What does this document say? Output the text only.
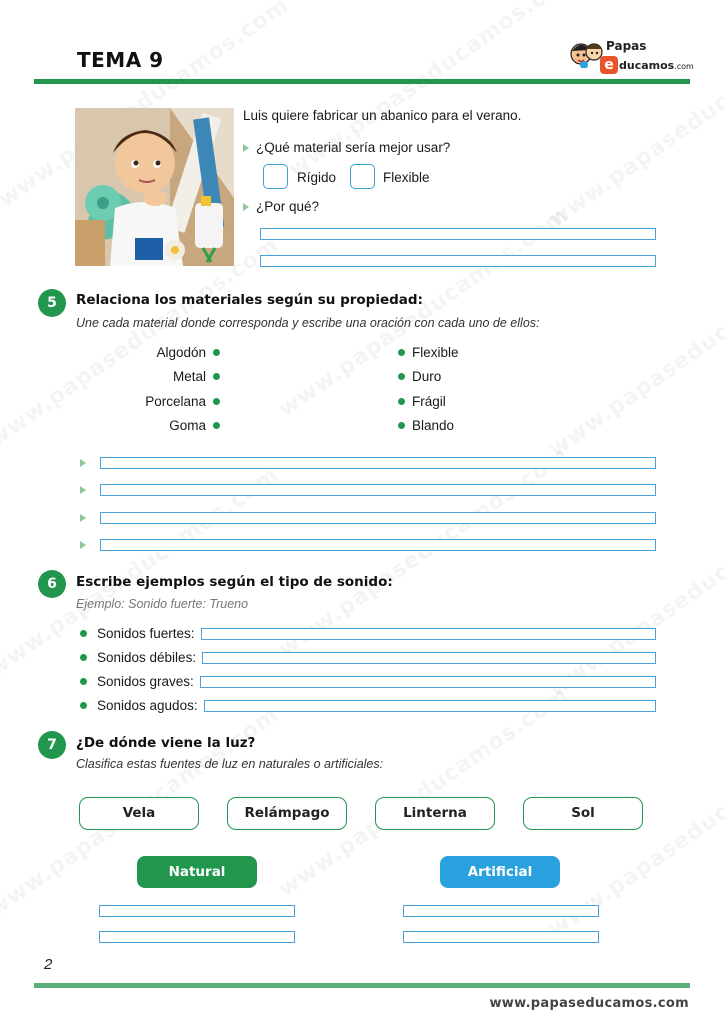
TEMA 9
Papas
e ducamos.com
Luis quiere fabricar un abanico para el verano.
¿Qué material sería mejor usar?
Rígido	Flexible
¿Por qué?
5	Relaciona los materiales según su propiedad:
Une cada material donde corresponda y escribe una oración con cada uno de ellos:
Algodón
Metal
Porcelana
Goma
Flexible
Duro
Frágil
Blando
6	Escribe ejemplos según el tipo de sonido:
Ejemplo: Sonido fuerte: Trueno
Sonidos fuertes:
Sonidos débiles:
Sonidos graves:
Sonidos agudos:
7	¿De dónde viene la luz?
Clasifica estas fuentes de luz en naturales o artificiales:
Vela	Relámpago	Linterna	Sol
Natural	Artificial
2
www.papaseducamos.com
